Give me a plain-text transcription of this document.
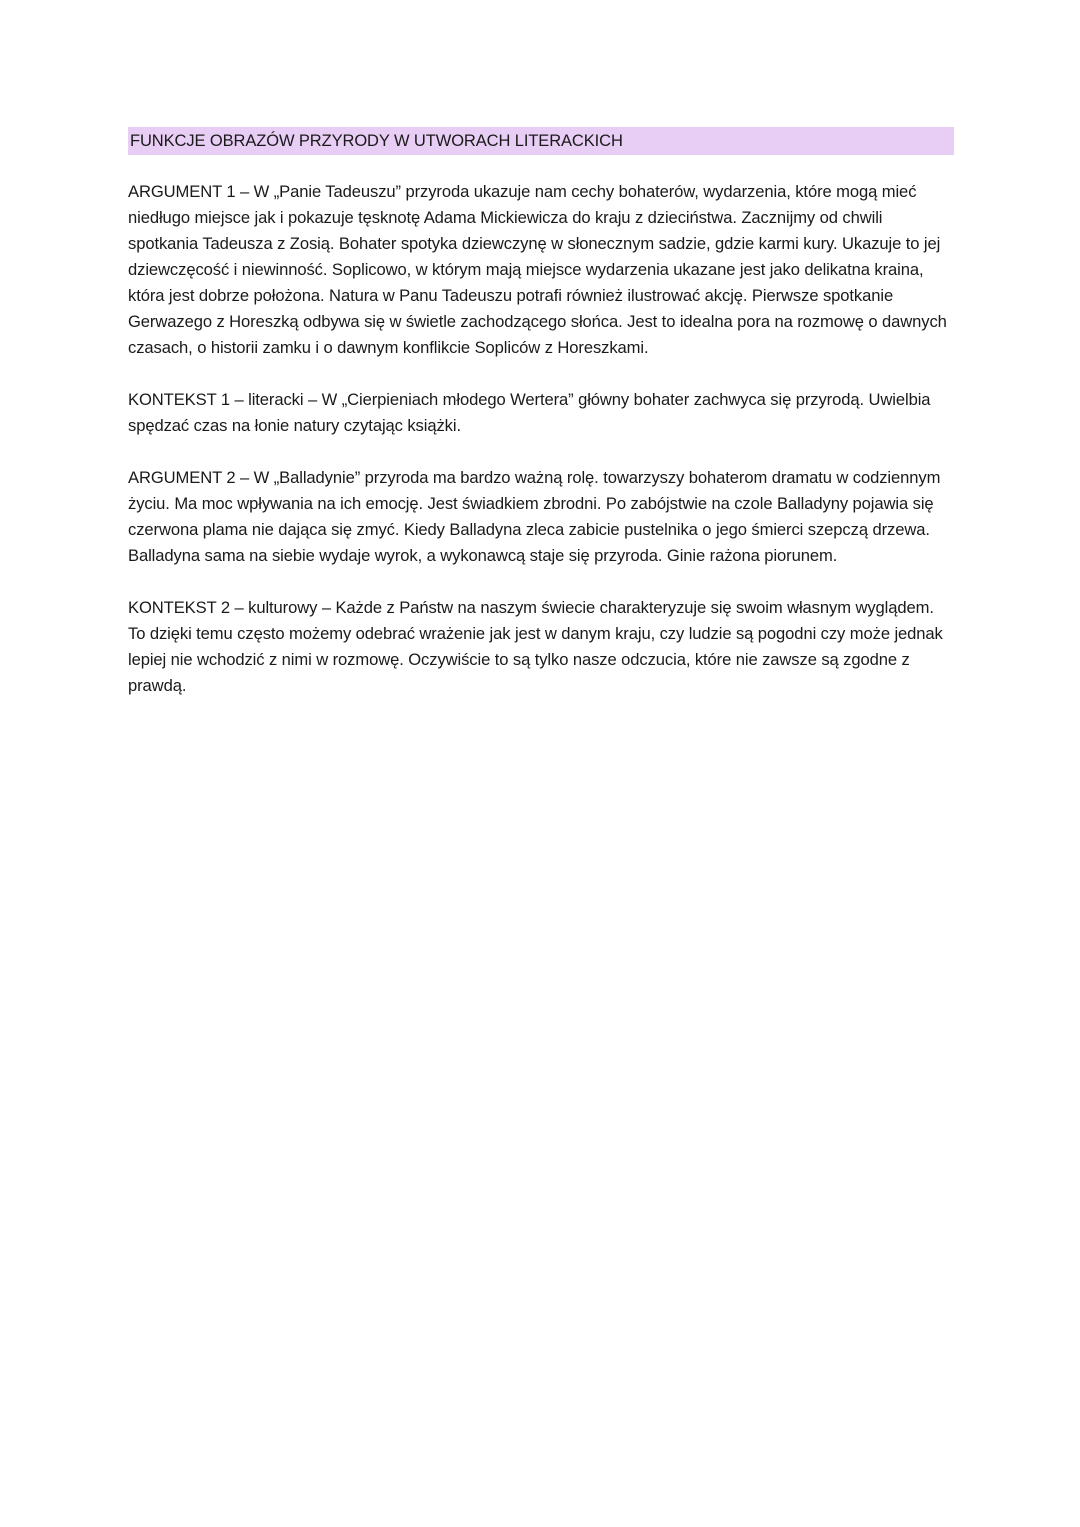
FUNKCJE OBRAZÓW PRZYRODY W UTWORACH LITERACKICH

ARGUMENT 1 – W „Panie Tadeuszu” przyroda ukazuje nam cechy bohaterów, wydarzenia, które mogą mieć niedługo miejsce jak i pokazuje tęsknotę Adama Mickiewicza do kraju z dzieciństwa. Zacznijmy od chwili spotkania Tadeusza z Zosią. Bohater spotyka dziewczynę w słonecznym sadzie, gdzie karmi kury. Ukazuje to jej dziewczęcość i niewinność. Soplicowo, w którym mają miejsce wydarzenia ukazane jest jako delikatna kraina, która jest dobrze położona. Natura w Panu Tadeuszu potrafi również ilustrować akcję. Pierwsze spotkanie Gerwazego z Horeszką odbywa się w świetle zachodzącego słońca. Jest to idealna pora na rozmowę o dawnych czasach, o historii zamku i o dawnym konflikcie Sopliców z Horeszkami.

KONTEKST 1 – literacki – W „Cierpieniach młodego Wertera” główny bohater zachwyca się przyrodą. Uwielbia spędzać czas na łonie natury czytając książki.

ARGUMENT 2 – W „Balladynie” przyroda ma bardzo ważną rolę. towarzyszy bohaterom dramatu w codziennym życiu. Ma moc wpływania na ich emocję. Jest świadkiem zbrodni. Po zabójstwie na czole Balladyny pojawia się czerwona plama nie dająca się zmyć. Kiedy Balladyna zleca zabicie pustelnika o jego śmierci szepczą drzewa. Balladyna sama na siebie wydaje wyrok, a wykonawcą staje się przyroda. Ginie rażona piorunem.

KONTEKST 2 – kulturowy – Każde z Państw na naszym świecie charakteryzuje się swoim własnym wyglądem. To dzięki temu często możemy odebrać wrażenie jak jest w danym kraju, czy ludzie są pogodni czy może jednak lepiej nie wchodzić z nimi w rozmowę. Oczywiście to są tylko nasze odczucia, które nie zawsze są zgodne z prawdą.
